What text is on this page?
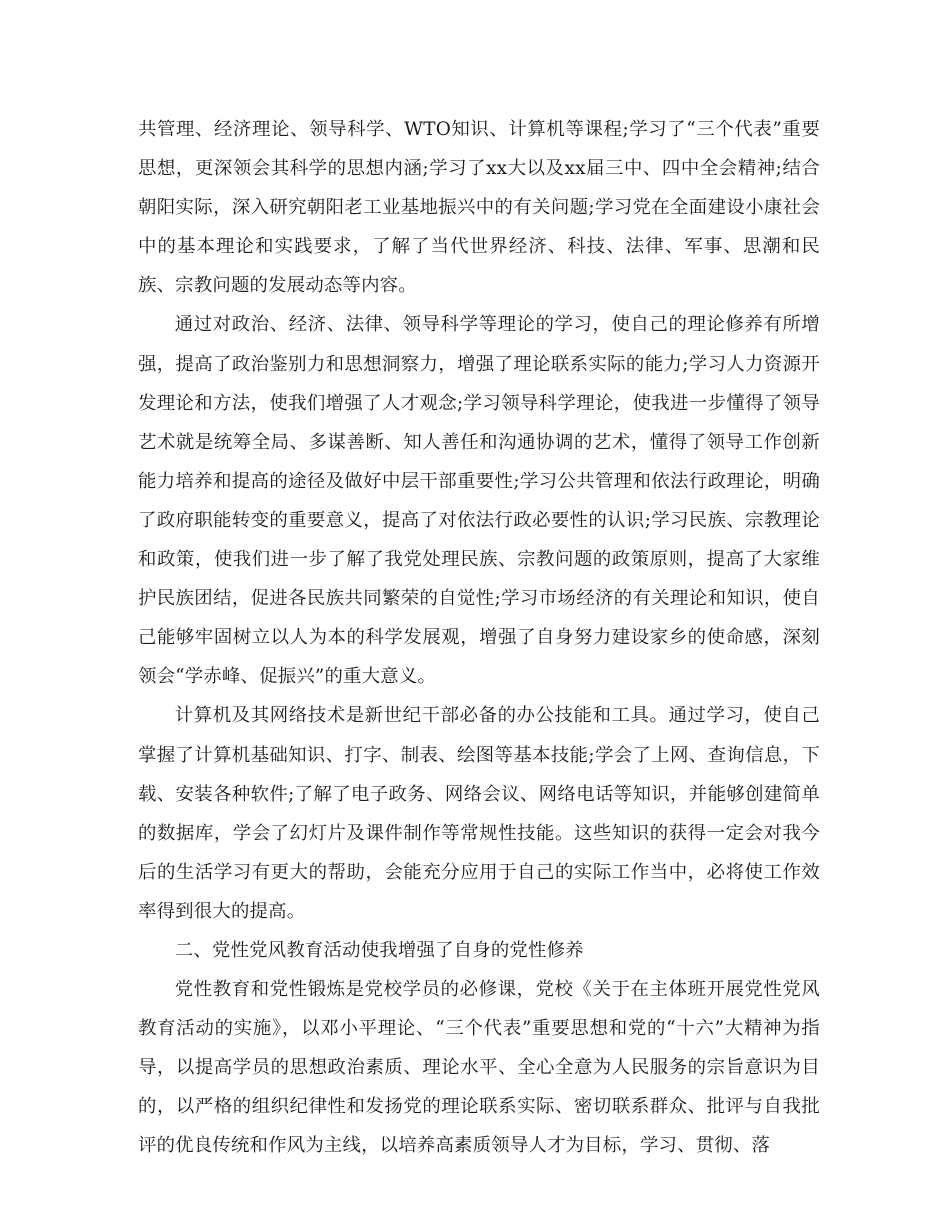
共管理、经济理论、领导科学、WTO知识、计算机等课程;学习了“三个代表”重要思想，更深领会其科学的思想内涵;学习了xx大以及xx届三中、四中全会精神;结合朝阳实际，深入研究朝阳老工业基地振兴中的有关问题;学习党在全面建设小康社会中的基本理论和实践要求，了解了当代世界经济、科技、法律、军事、思潮和民族、宗教问题的发展动态等内容。

通过对政治、经济、法律、领导科学等理论的学习，使自己的理论修养有所增强，提高了政治鉴别力和思想洞察力，增强了理论联系实际的能力;学习人力资源开发理论和方法，使我们增强了人才观念;学习领导科学理论，使我进一步懂得了领导艺术就是统筹全局、多谋善断、知人善任和沟通协调的艺术，懂得了领导工作创新能力培养和提高的途径及做好中层干部重要性;学习公共管理和依法行政理论，明确了政府职能转变的重要意义，提高了对依法行政必要性的认识;学习民族、宗教理论和政策，使我们进一步了解了我党处理民族、宗教问题的政策原则，提高了大家维护民族团结，促进各民族共同繁荣的自觉性;学习市场经济的有关理论和知识，使自己能够牢固树立以人为本的科学发展观，增强了自身努力建设家乡的使命感，深刻领会“学赤峰、促振兴”的重大意义。

计算机及其网络技术是新世纪干部必备的办公技能和工具。通过学习，使自己掌握了计算机基础知识、打字、制表、绘图等基本技能;学会了上网、查询信息，下载、安装各种软件;了解了电子政务、网络会议、网络电话等知识，并能够创建简单的数据库，学会了幻灯片及课件制作等常规性技能。这些知识的获得一定会对我今后的生活学习有更大的帮助，会能充分应用于自己的实际工作当中，必将使工作效率得到很大的提高。

二、党性党风教育活动使我增强了自身的党性修养

党性教育和党性锻炼是党校学员的必修课，党校《关于在主体班开展党性党风教育活动的实施》，以邓小平理论、“三个代表”重要思想和党的“十六”大精神为指导，以提高学员的思想政治素质、理论水平、全心全意为人民服务的宗旨意识为目的，以严格的组织纪律性和发扬党的理论联系实际、密切联系群众、批评与自我批评的优良传统和作风为主线，以培养高素质领导人才为目标，学习、贯彻、落
